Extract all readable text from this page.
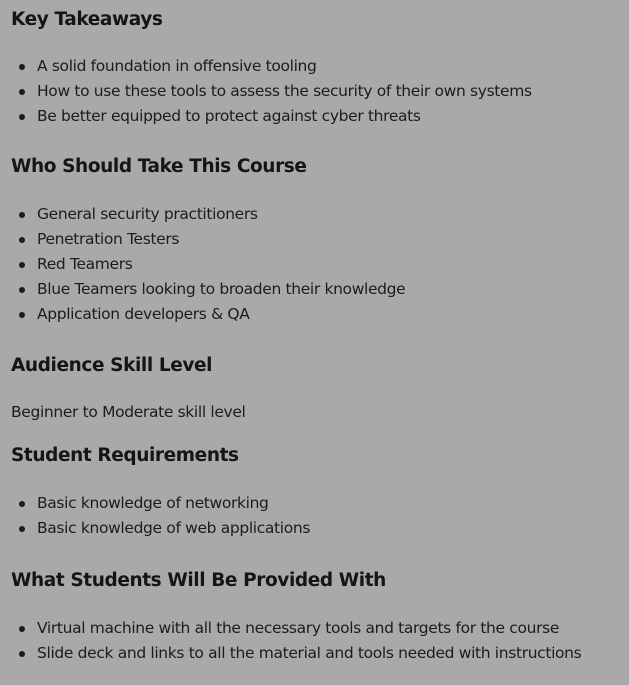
Key Takeaways
A solid foundation in offensive tooling
How to use these tools to assess the security of their own systems
Be better equipped to protect against cyber threats
Who Should Take This Course
General security practitioners
Penetration Testers
Red Teamers
Blue Teamers looking to broaden their knowledge
Application developers & QA
Audience Skill Level

Beginner to Moderate skill level

Student Requirements
Basic knowledge of networking
Basic knowledge of web applications
What Students Will Be Provided With
Virtual machine with all the necessary tools and targets for the course
Slide deck and links to all the material and tools needed with instructions
